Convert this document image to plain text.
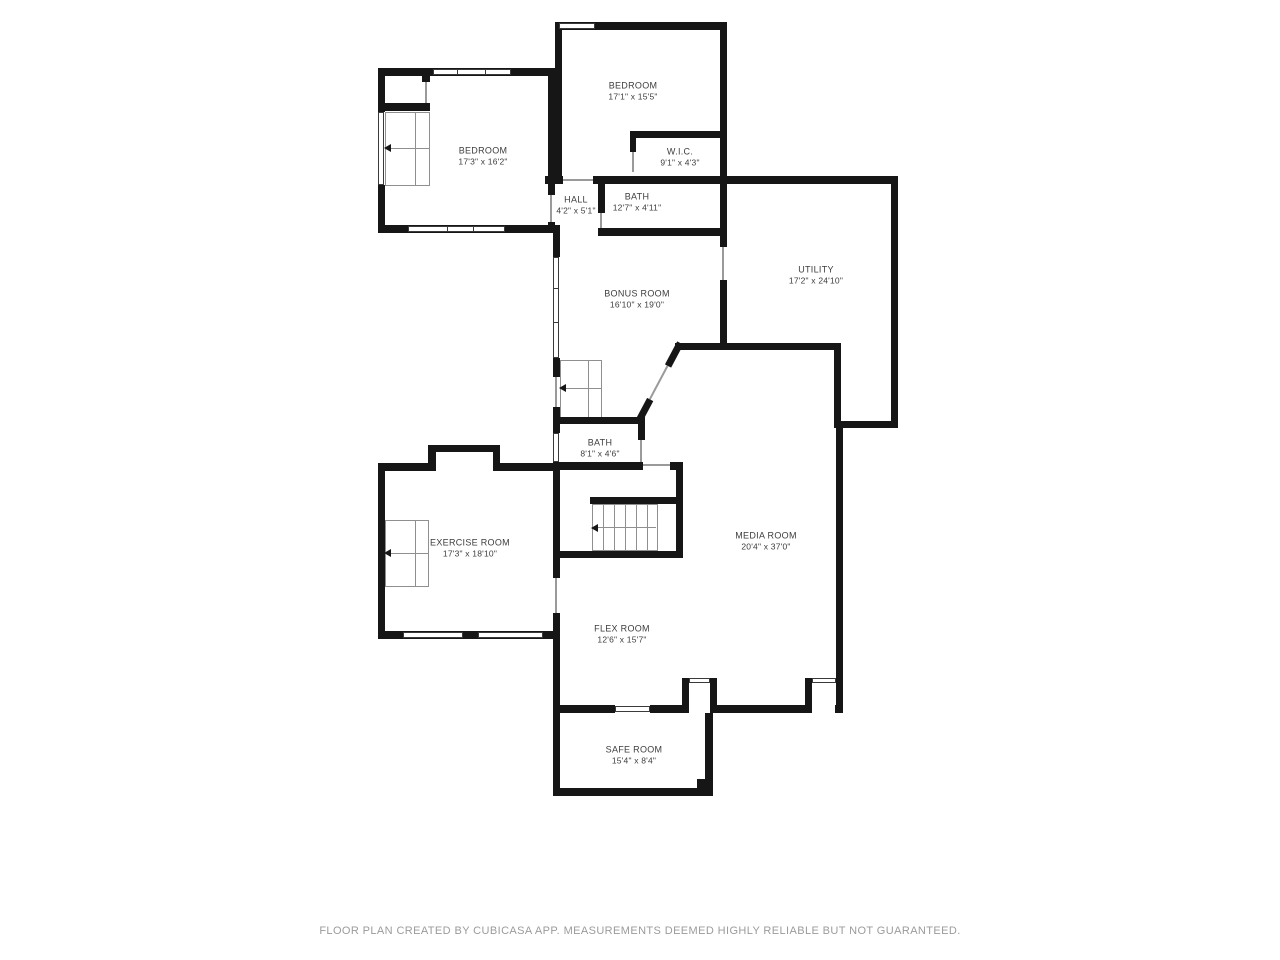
BEDROOM
17'1" x 15'5"
W.I.C.
9'1" x 4'3"
BEDROOM
17'3" x 16'2"
HALL
4'2" x 5'1"
BATH
12'7" x 4'11"
UTILITY
17'2" x 24'10"
BONUS ROOM
16'10" x 19'0"
BATH
8'1" x 4'6"
EXERCISE ROOM
17'3" x 18'10"
MEDIA ROOM
20'4" x 37'0"
FLEX ROOM
12'6" x 15'7"
SAFE ROOM
15'4" x 8'4"
FLOOR PLAN CREATED BY CUBICASA APP. MEASUREMENTS DEEMED HIGHLY RELIABLE BUT NOT GUARANTEED.
